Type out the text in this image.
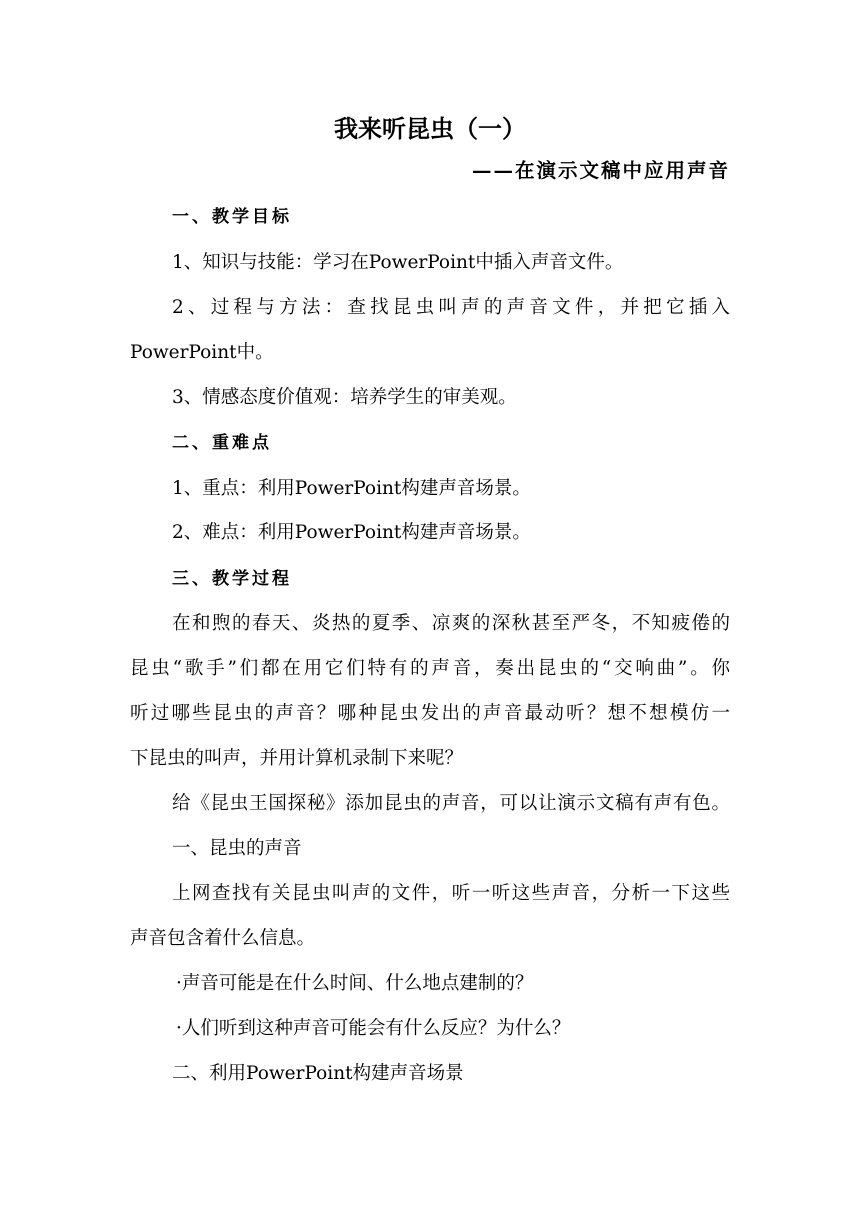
我来听昆虫（一）
——在演示文稿中应用声音
一、教学目标
1、知识与技能：学习在PowerPoint中插入声音文件。
2、过程与方法：查找昆虫叫声的声音文件，并把它插入
PowerPoint中。
3、情感态度价值观：培养学生的审美观。
二、重难点
1、重点：利用PowerPoint构建声音场景。
2、难点：利用PowerPoint构建声音场景。
三、教学过程
在和煦的春天、炎热的夏季、凉爽的深秋甚至严冬，不知疲倦的
昆虫“歌手”们都在用它们特有的声音，奏出昆虫的“交响曲”。你
听过哪些昆虫的声音？哪种昆虫发出的声音最动听？想不想模仿一
下昆虫的叫声，并用计算机录制下来呢？
给《昆虫王国探秘》添加昆虫的声音，可以让演示文稿有声有色。
一、昆虫的声音
上网查找有关昆虫叫声的文件，听一听这些声音，分析一下这些
声音包含着什么信息。
·声音可能是在什么时间、什么地点建制的？
·人们听到这种声音可能会有什么反应？为什么？
二、利用PowerPoint构建声音场景
